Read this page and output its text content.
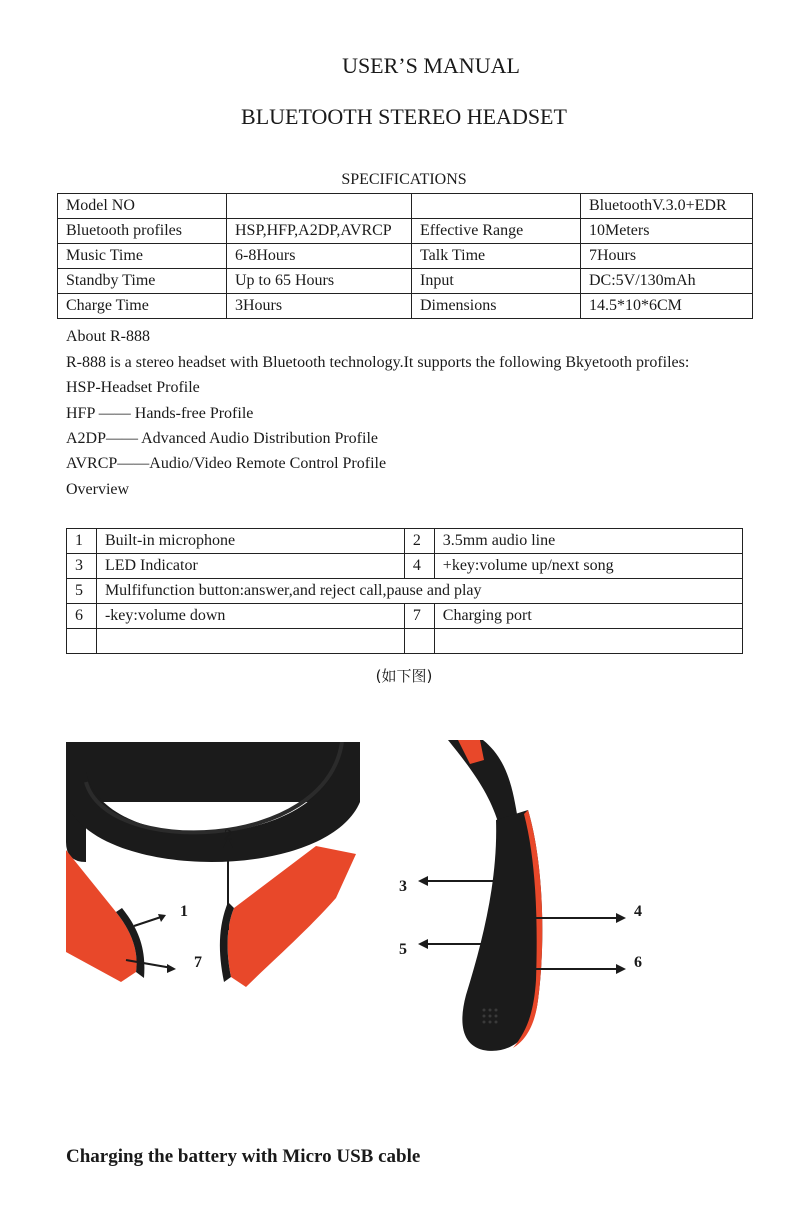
USER’S MANUAL
BLUETOOTH STEREO HEADSET
SPECIFICATIONS
Model NO			BluetoothV.3.0+EDR
Bluetooth profiles	HSP,HFP,A2DP,AVRCP	Effective Range	10Meters
Music Time	6-8Hours	Talk Time	7Hours
Standby Time	Up to 65 Hours	Input	DC:5V/130mAh
Charge Time	3Hours	Dimensions	14.5*10*6CM
About R-888
R-888 is a stereo headset with Bluetooth technology.It supports the following Bkyetooth profiles:
HSP-Headset Profile
HFP —— Hands-free Profile
A2DP—— Advanced Audio Distribution Profile
AVRCP——Audio/Video Remote Control Profile
Overview
1	Built-in microphone	2	3.5mm audio line
3	LED Indicator	4	+key:volume up/next song
5	Mulfifunction button:answer,and reject call,pause and play		
6	-key:volume down	7	Charging port

(如下图)
1
2
7
3
4
5
6
Charging the battery with Micro USB cable
